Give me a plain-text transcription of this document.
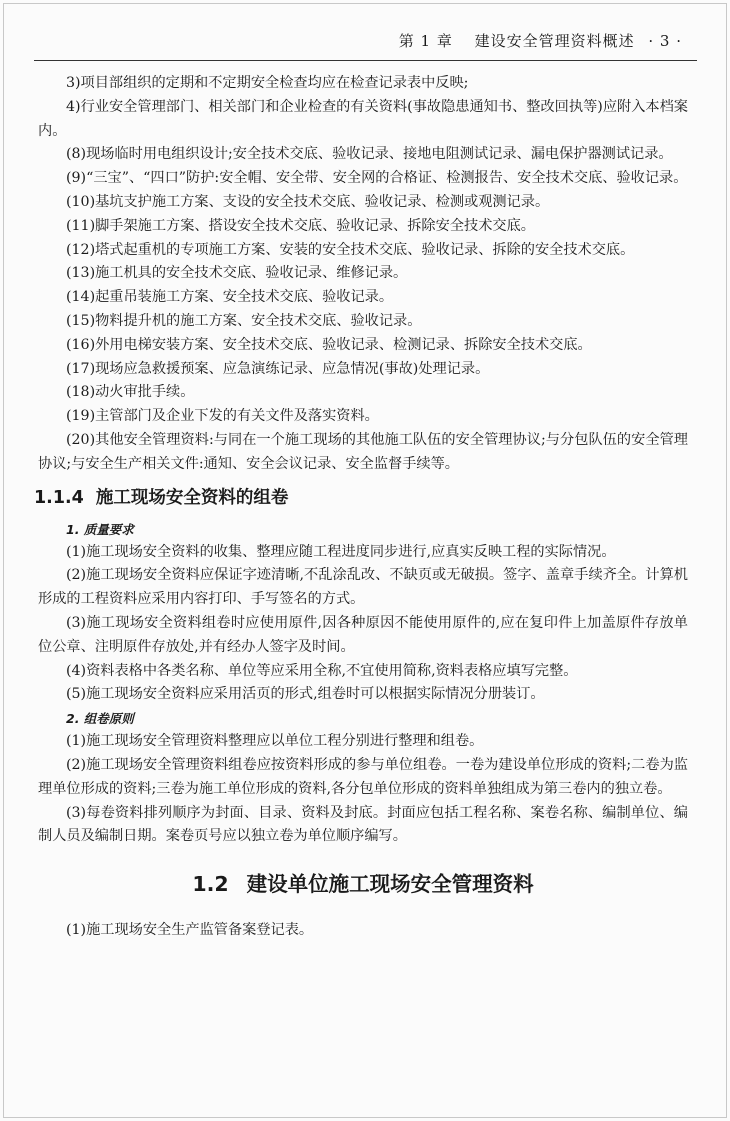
第 1 章　 建设安全管理资料概述 · 3 ·

3)项目部组织的定期和不定期安全检查均应在检查记录表中反映;

4)行业安全管理部门、相关部门和企业检查的有关资料(事故隐患通知书、整改回执等)应附入本档案内。

(8)现场临时用电组织设计;安全技术交底、验收记录、接地电阻测试记录、漏电保护器测试记录。

(9)“三宝”、“四口”防护:安全帽、安全带、安全网的合格证、检测报告、安全技术交底、验收记录。

(10)基坑支护施工方案、支设的安全技术交底、验收记录、检测或观测记录。

(11)脚手架施工方案、搭设安全技术交底、验收记录、拆除安全技术交底。

(12)塔式起重机的专项施工方案、安装的安全技术交底、验收记录、拆除的安全技术交底。

(13)施工机具的安全技术交底、验收记录、维修记录。

(14)起重吊装施工方案、安全技术交底、验收记录。

(15)物料提升机的施工方案、安全技术交底、验收记录。

(16)外用电梯安装方案、安全技术交底、验收记录、检测记录、拆除安全技术交底。

(17)现场应急救援预案、应急演练记录、应急情况(事故)处理记录。

(18)动火审批手续。

(19)主管部门及企业下发的有关文件及落实资料。

(20)其他安全管理资料:与同在一个施工现场的其他施工队伍的安全管理协议;与分包队伍的安全管理协议;与安全生产相关文件:通知、安全会议记录、安全监督手续等。

1.1.4 施工现场安全资料的组卷
1. 质量要求

(1)施工现场安全资料的收集、整理应随工程进度同步进行,应真实反映工程的实际情况。

(2)施工现场安全资料应保证字迹清晰,不乱涂乱改、不缺页或无破损。签字、盖章手续齐全。计算机形成的工程资料应采用内容打印、手写签名的方式。

(3)施工现场安全资料组卷时应使用原件,因各种原因不能使用原件的,应在复印件上加盖原件存放单位公章、注明原件存放处,并有经办人签字及时间。

(4)资料表格中各类名称、单位等应采用全称,不宜使用简称,资料表格应填写完整。

(5)施工现场安全资料应采用活页的形式,组卷时可以根据实际情况分册装订。

2. 组卷原则

(1)施工现场安全管理资料整理应以单位工程分别进行整理和组卷。

(2)施工现场安全管理资料组卷应按资料形成的参与单位组卷。一卷为建设单位形成的资料;二卷为监理单位形成的资料;三卷为施工单位形成的资料,各分包单位形成的资料单独组成为第三卷内的独立卷。

(3)每卷资料排列顺序为封面、目录、资料及封底。封面应包括工程名称、案卷名称、编制单位、编制人员及编制日期。案卷页号应以独立卷为单位顺序编写。

1.2 建设单位施工现场安全管理资料

(1)施工现场安全生产监管备案登记表。
